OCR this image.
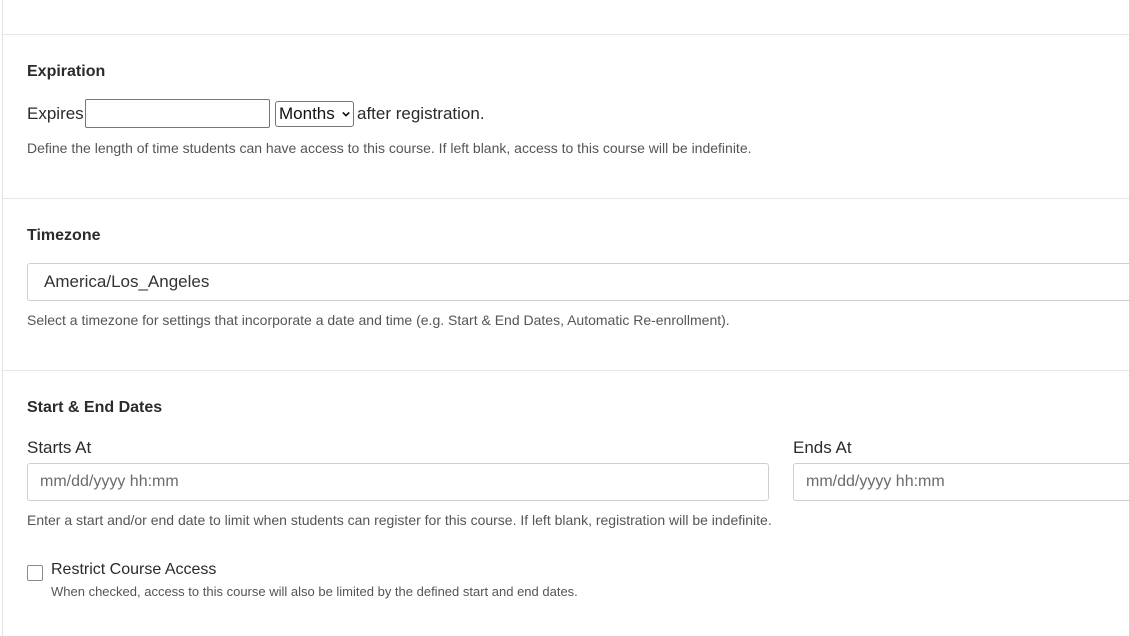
Expiration
Expires	Months	after registration.
Define the length of time students can have access to this course. If left blank, access to this course will be indefinite.
Timezone
America/Los_Angeles
Select a timezone for settings that incorporate a date and time (e.g. Start & End Dates, Automatic Re-enrollment).
Start & End Dates
Starts At
mm/dd/yyyy hh:mm
Ends At
mm/dd/yyyy hh:mm
Enter a start and/or end date to limit when students can register for this course. If left blank, registration will be indefinite.
Restrict Course Access
When checked, access to this course will also be limited by the defined start and end dates.
